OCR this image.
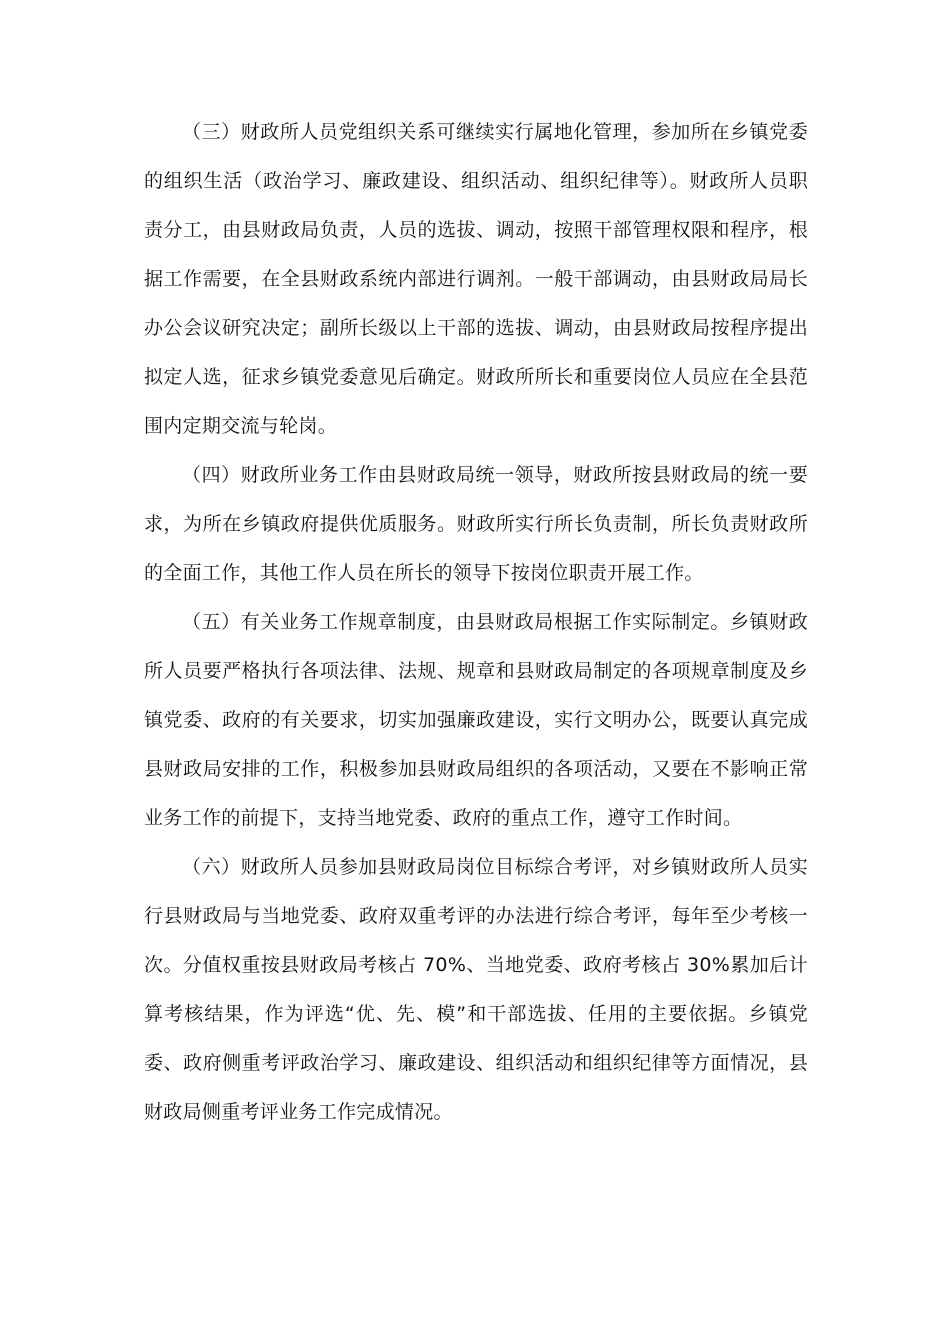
（三）财政所人员党组织关系可继续实行属地化管理，参加所在乡镇党委的组织生活（政治学习、廉政建设、组织活动、组织纪律等）。财政所人员职责分工，由县财政局负责，人员的选拔、调动，按照干部管理权限和程序，根据工作需要，在全县财政系统内部进行调剂。一般干部调动，由县财政局局长办公会议研究决定；副所长级以上干部的选拔、调动，由县财政局按程序提出拟定人选，征求乡镇党委意见后确定。财政所所长和重要岗位人员应在全县范围内定期交流与轮岗。

（四）财政所业务工作由县财政局统一领导，财政所按县财政局的统一要求，为所在乡镇政府提供优质服务。财政所实行所长负责制，所长负责财政所的全面工作，其他工作人员在所长的领导下按岗位职责开展工作。

（五）有关业务工作规章制度，由县财政局根据工作实际制定。乡镇财政所人员要严格执行各项法律、法规、规章和县财政局制定的各项规章制度及乡镇党委、政府的有关要求，切实加强廉政建设，实行文明办公，既要认真完成县财政局安排的工作，积极参加县财政局组织的各项活动，又要在不影响正常业务工作的前提下，支持当地党委、政府的重点工作，遵守工作时间。

（六）财政所人员参加县财政局岗位目标综合考评，对乡镇财政所人员实行县财政局与当地党委、政府双重考评的办法进行综合考评，每年至少考核一次。分值权重按县财政局考核占 70%、当地党委、政府考核占 30%累加后计算考核结果，作为评选“优、先、模”和干部选拔、任用的主要依据。乡镇党委、政府侧重考评政治学习、廉政建设、组织活动和组织纪律等方面情况，县财政局侧重考评业务工作完成情况。
